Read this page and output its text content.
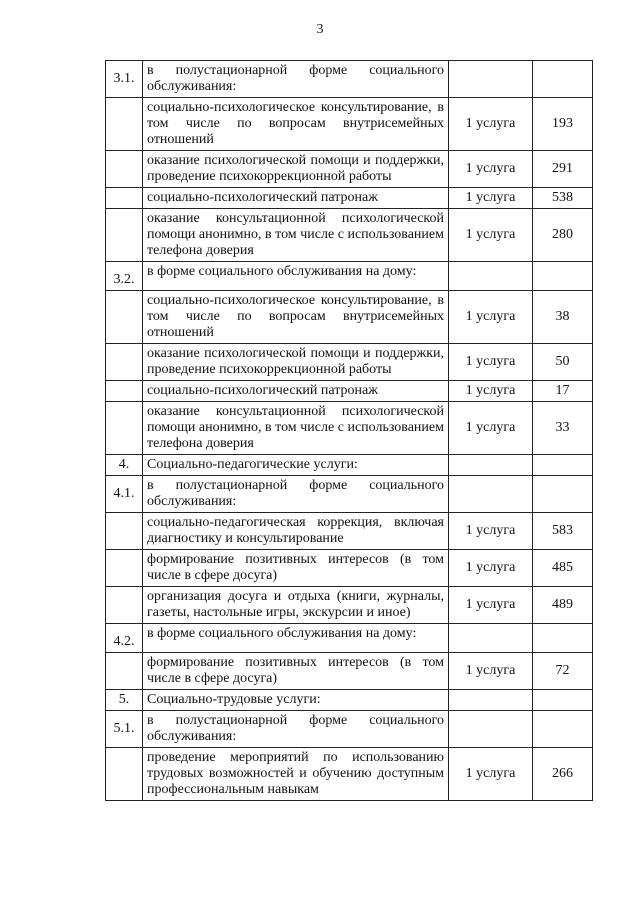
3
3.1.	в полустационарной форме социального обслуживания:		
	социально-психологическое консультирование, в том числе по вопросам внутрисемейных отношений	1 услуга	193
	оказание психологической помощи и поддержки, проведение психокоррекционной работы	1 услуга	291
	социально-психологический патронаж	1 услуга	538
	оказание консультационной психологической помощи анонимно, в том числе с использованием телефона доверия	1 услуга	280
3.2.	в форме социального обслуживания на дому:		
	социально-психологическое консультирование, в том числе по вопросам внутрисемейных отношений	1 услуга	38
	оказание психологической помощи и поддержки, проведение психокоррекционной работы	1 услуга	50
	социально-психологический патронаж	1 услуга	17
	оказание консультационной психологической помощи анонимно, в том числе с использованием телефона доверия	1 услуга	33
4.	Социально-педагогические услуги:		
4.1.	в полустационарной форме социального обслуживания:		
	социально-педагогическая коррекция, включая диагностику и консультирование	1 услуга	583
	формирование позитивных интересов (в том числе в сфере досуга)	1 услуга	485
	организация досуга и отдыха (книги, журналы, газеты, настольные игры, экскурсии и иное)	1 услуга	489
4.2.	в форме социального обслуживания на дому:		
	формирование позитивных интересов (в том числе в сфере досуга)	1 услуга	72
5.	Социально-трудовые услуги:		
5.1.	в полустационарной форме социального обслуживания:		
	проведение мероприятий по использованию трудовых возможностей и обучению доступным профессиональным навыкам	1 услуга	266
